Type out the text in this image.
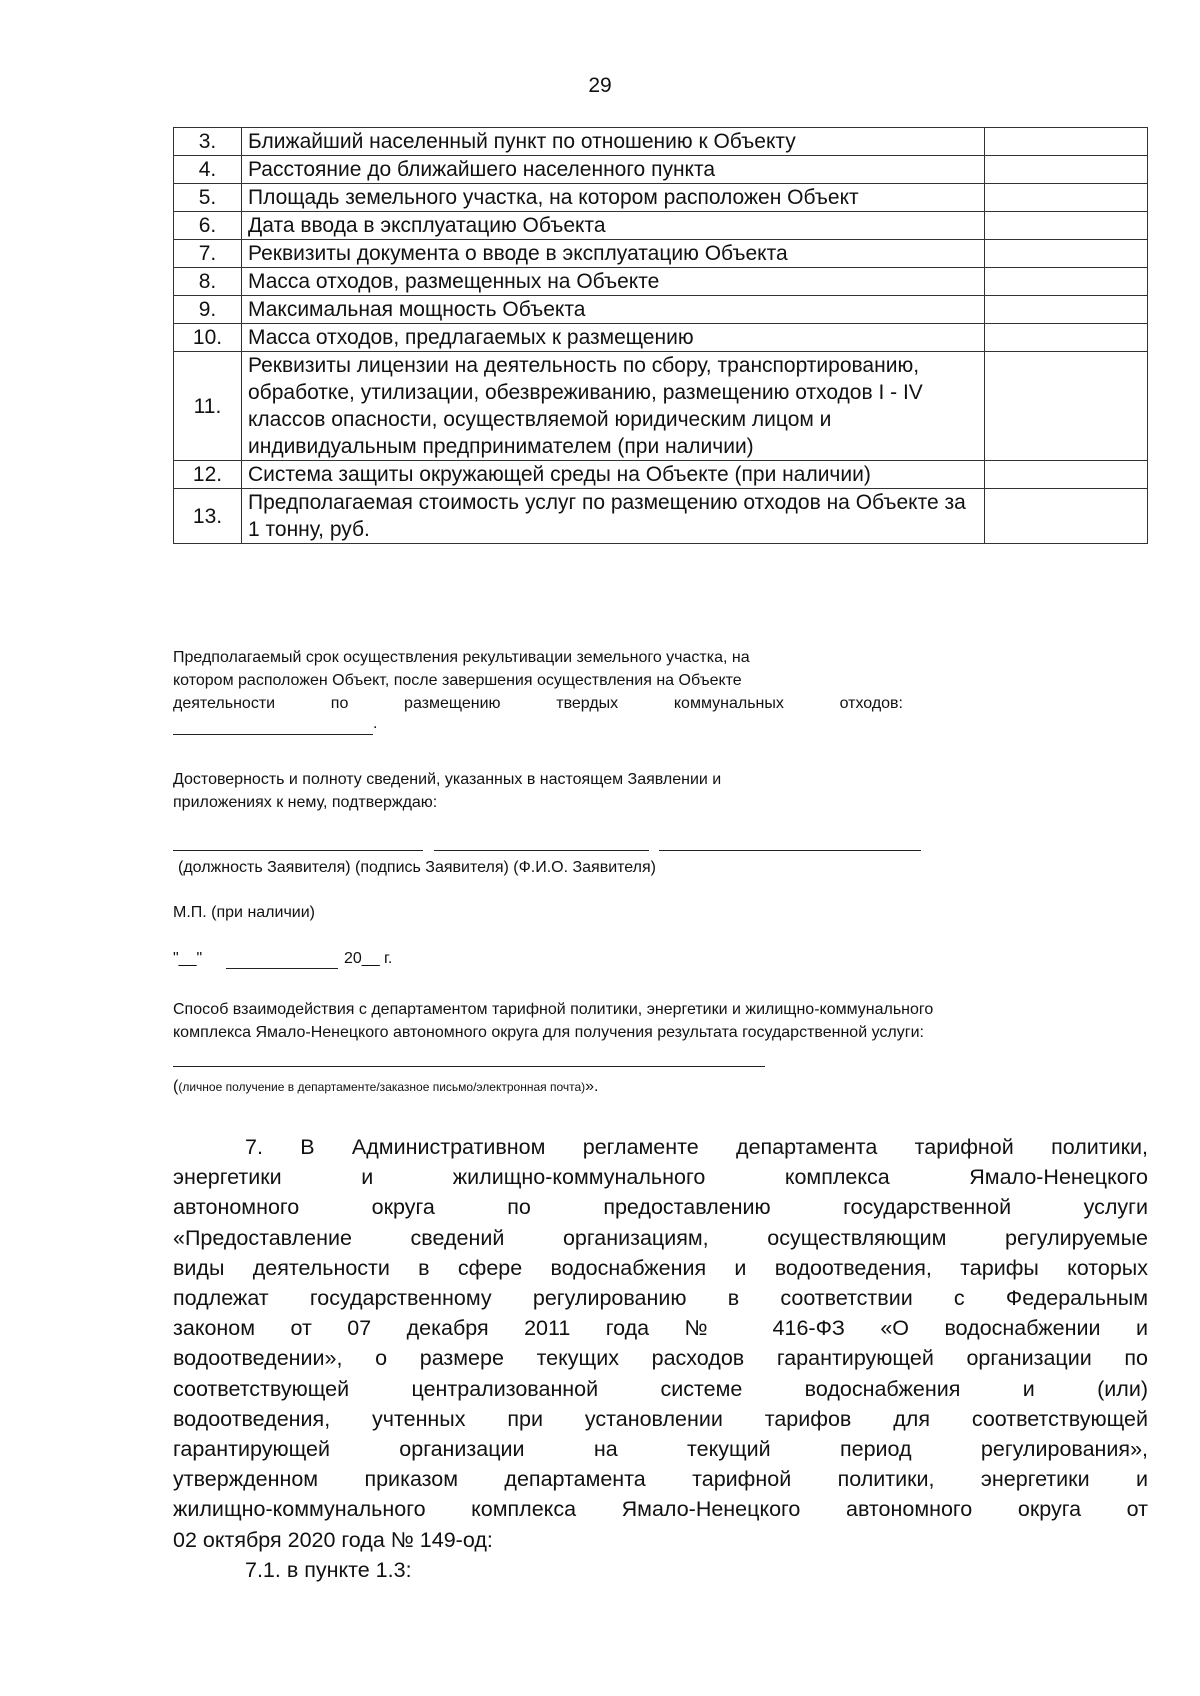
29
3.	Ближайший населенный пункт по отношению к Объекту	
4.	Расстояние до ближайшего населенного пункта	
5.	Площадь земельного участка, на котором расположен Объект	
6.	Дата ввода в эксплуатацию Объекта	
7.	Реквизиты документа о вводе в эксплуатацию Объекта	
8.	Масса отходов, размещенных на Объекте	
9.	Максимальная мощность Объекта	
10.	Масса отходов, предлагаемых к размещению	
11.	Реквизиты лицензии на деятельность по сбору, транспортированию, обработке, утилизации, обезвреживанию, размещению отходов I - IV классов опасности, осуществляемой юридическим лицом и индивидуальным предпринимателем (при наличии)	
12.	Система защиты окружающей среды на Объекте (при наличии)	
13.	Предполагаемая стоимость услуг по размещению отходов на Объекте за 1 тонну, руб.	
Предполагаемый срок осуществления рекультивации земельного участка, на
котором расположен Объект, после завершения осуществления на Объекте
деятельности по размещению твердых коммунальных отходов:
.
Достоверность и полноту сведений, указанных в настоящем Заявлении и
приложениях к нему, подтверждаю:
(должность Заявителя) (подпись Заявителя) (Ф.И.О. Заявителя)
М.П. (при наличии)
"__"	20__ г.
Способ взаимодействия с департаментом тарифной политики, энергетики и жилищно-коммунального
комплекса Ямало-Ненецкого автономного округа для получения результата государственной услуги:
((личное получение в департаменте/заказное письмо/электронная почта)».

7. В Административном регламенте департамента тарифной политики,

энергетики и жилищно-коммунального комплекса Ямало-Ненецкого

автономного округа по предоставлению государственной услуги

«Предоставление сведений организациям, осуществляющим регулируемые

виды деятельности в сфере водоснабжения и водоотведения, тарифы которых

подлежат государственному регулированию в соответствии с Федеральным

законом от 07 декабря 2011 года № 416-ФЗ «О водоснабжении и

водоотведении», о размере текущих расходов гарантирующей организации по

соответствующей централизованной системе водоснабжения и (или)

водоотведения, учтенных при установлении тарифов для соответствующей

гарантирующей организации на текущий период регулирования»,

утвержденном приказом департамента тарифной политики, энергетики и

жилищно-коммунального комплекса Ямало-Ненецкого автономного округа от

02 октября 2020 года № 149-од:

7.1. в пункте 1.3:
